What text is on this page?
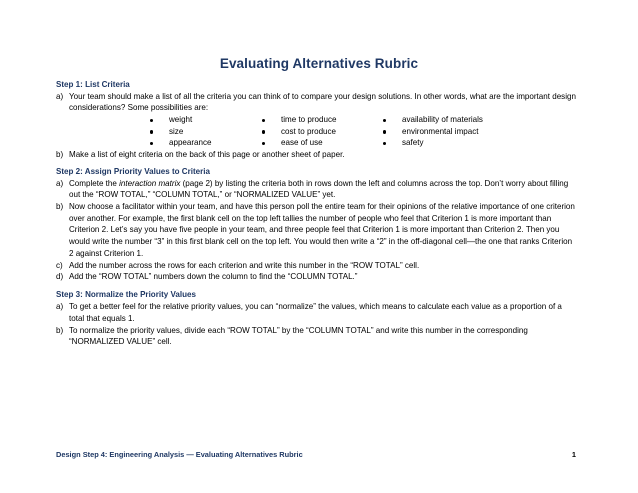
Evaluating Alternatives Rubric

Step 1: List Criteria

a) Your team should make a list of all the criteria you can think of to compare your design solutions. In other words, what are the important design considerations? Some possibilities are:
weight	time to produce	availability of materials
size	cost to produce	environmental impact
appearance	ease of use	safety
b) Make a list of eight criteria on the back of this page or another sheet of paper.

Step 2: Assign Priority Values to Criteria

a) Complete the interaction matrix (page 2) by listing the criteria both in rows down the left and columns across the top. Don’t worry about filling out the “ROW TOTAL,” “COLUMN TOTAL,” or “NORMALIZED VALUE” yet.
b) Now choose a facilitator within your team, and have this person poll the entire team for their opinions of the relative importance of one criterion over another. For example, the first blank cell on the top left tallies the number of people who feel that Criterion 1 is more important than Criterion 2. Let’s say you have five people in your team, and three people feel that Criterion 1 is more important than Criterion 2. Then you would write the number “3” in this first blank cell on the top left. You would then write a “2” in the off-diagonal cell—the one that ranks Criterion 2 against Criterion 1.
c) Add the number across the rows for each criterion and write this number in the “ROW TOTAL” cell.
d) Add the “ROW TOTAL” numbers down the column to find the “COLUMN TOTAL.”

Step 3: Normalize the Priority Values

a) To get a better feel for the relative priority values, you can “normalize” the values, which means to calculate each value as a proportion of a total that equals 1.
b) To normalize the priority values, divide each “ROW TOTAL” by the “COLUMN TOTAL” and write this number in the corresponding “NORMALIZED VALUE” cell.
Design Step 4: Engineering Analysis — Evaluating Alternatives Rubric	1
